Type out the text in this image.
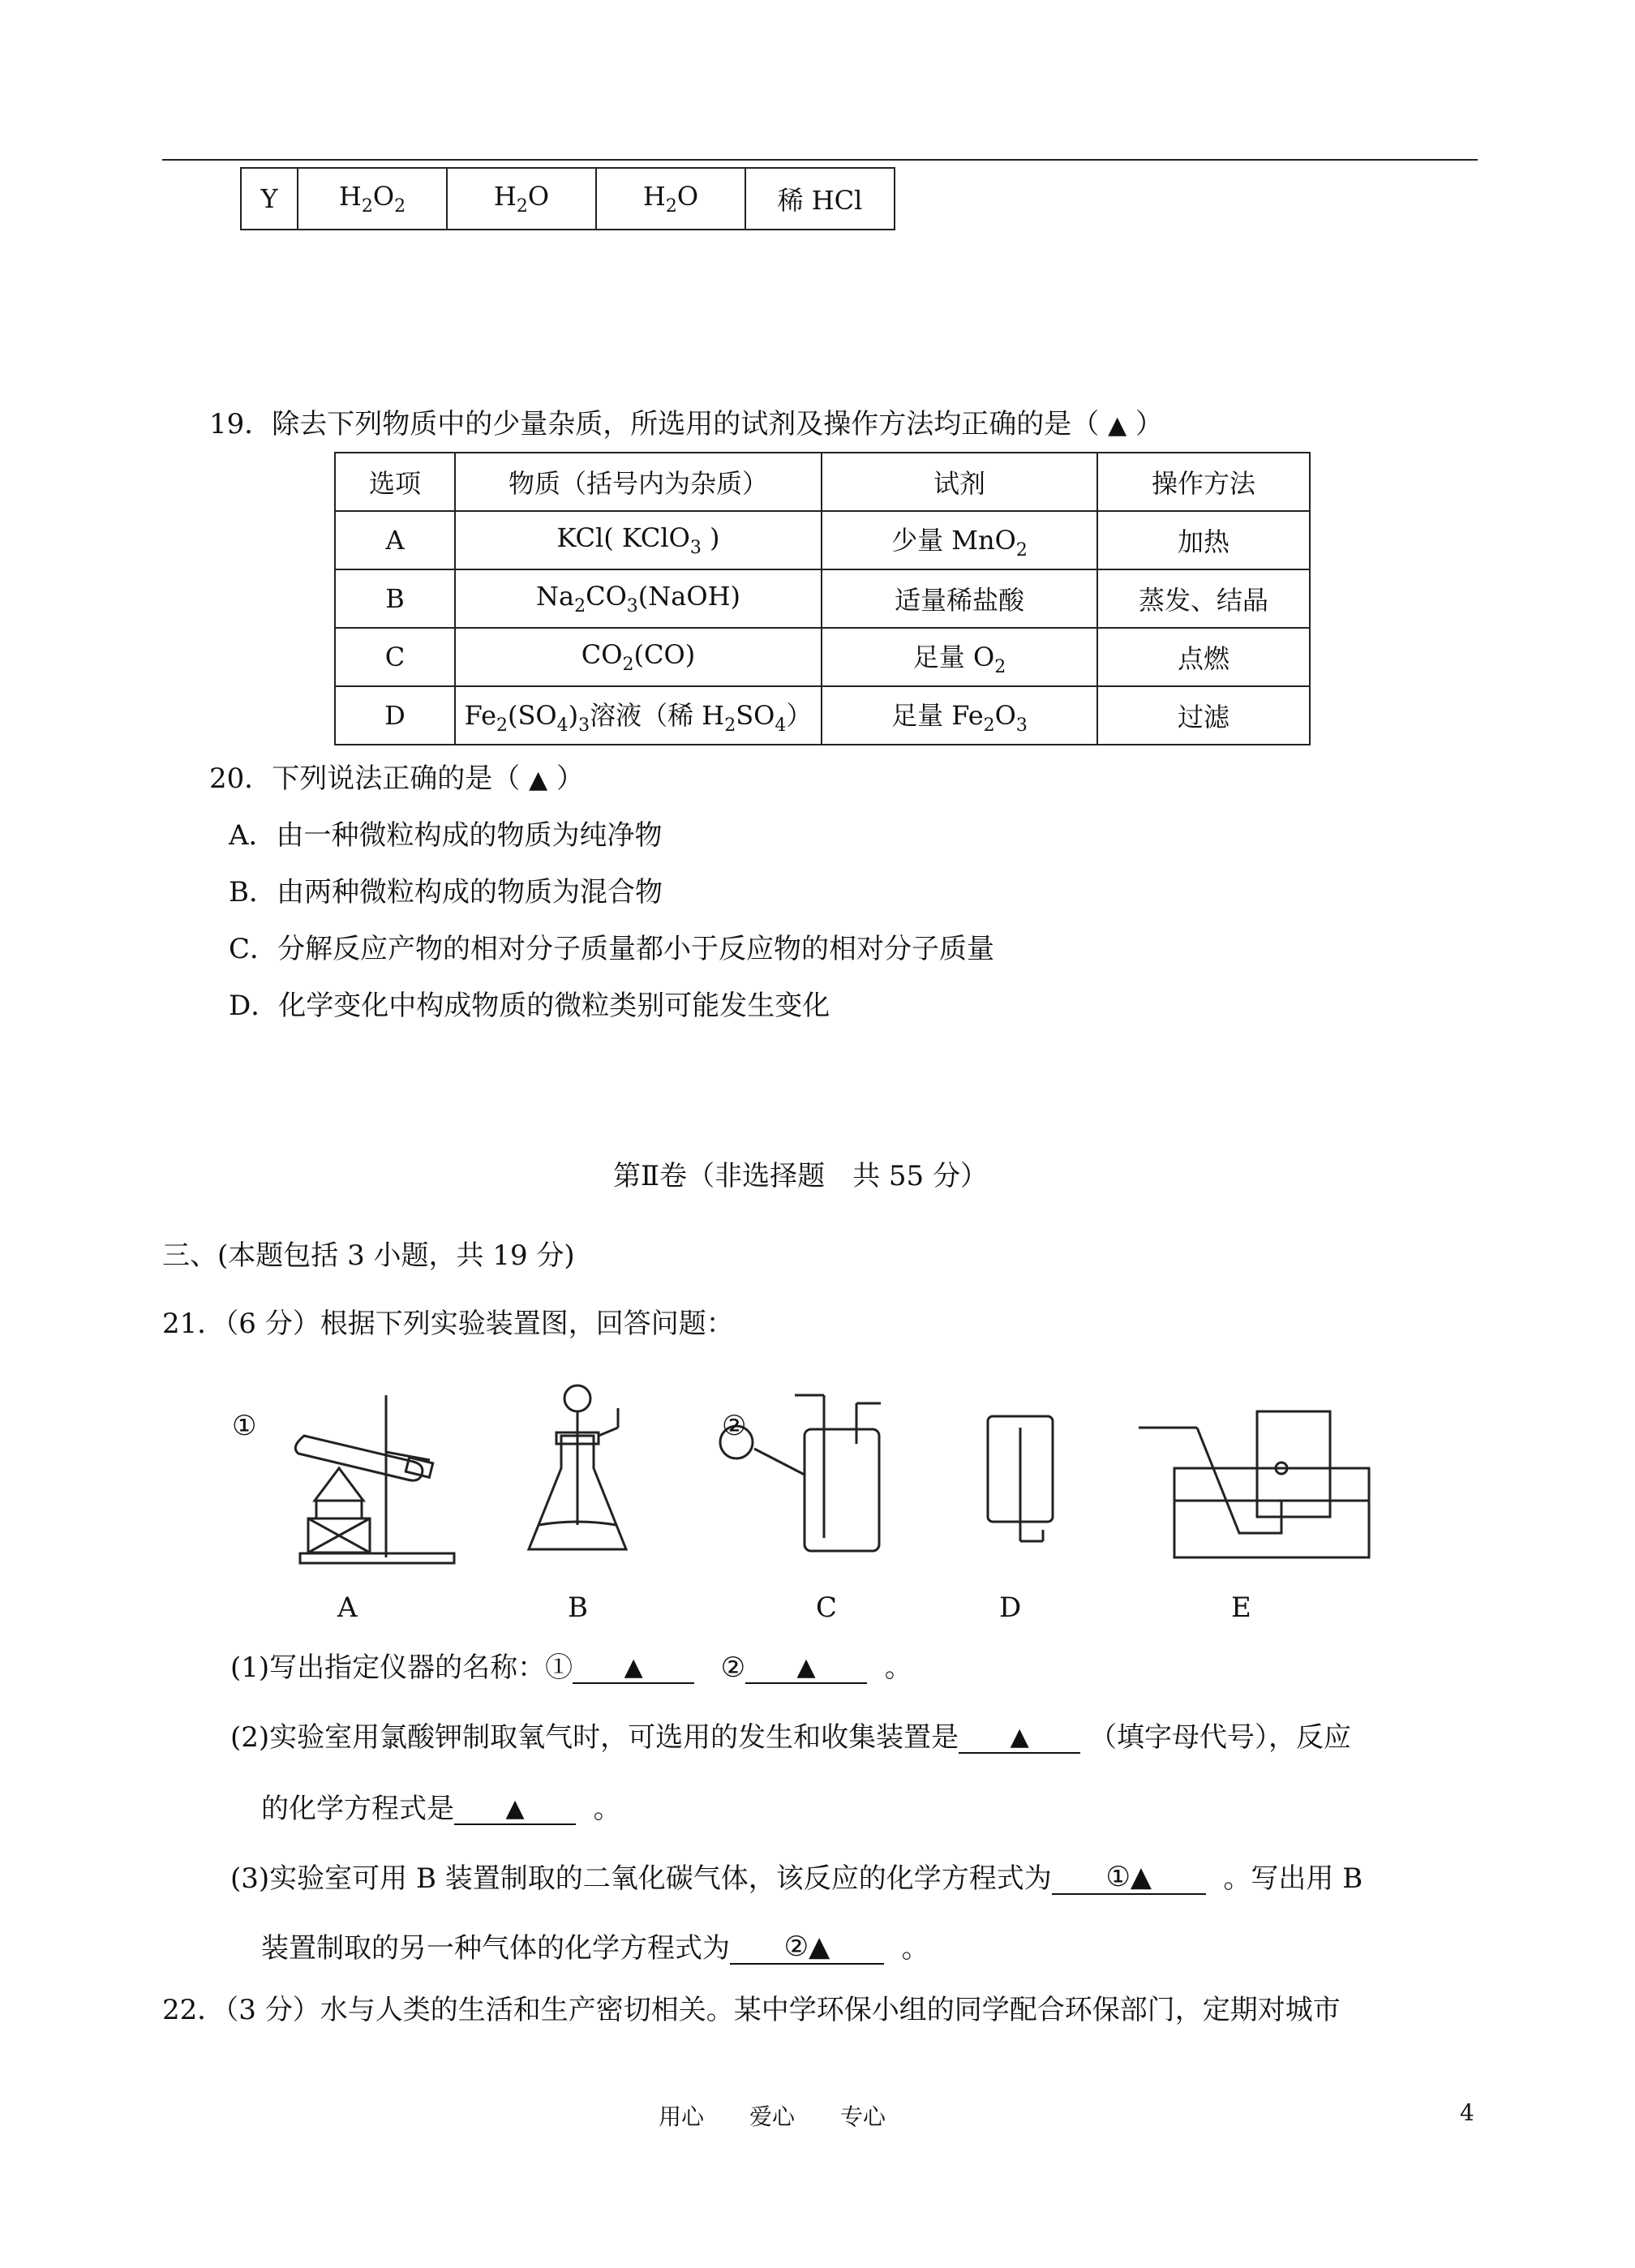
Y	$H_2O_2$	$H_2O$	$H_2O$	稀 HCl
19．除去下列物质中的少量杂质，所选用的试剂及操作方法均正确的是（ ▲ ）
选项	物质（括号内为杂质）	试剂	操作方法
A	KCl( KClO$_3$ )	少量 MnO$_2$	加热
B	$Na_2CO_3(NaOH)$	适量稀盐酸	蒸发、结晶
C	$CO_2(CO)$	足量 $O_2$	点燃
D	$Fe_2(SO_4)_3$溶液（稀 $H_2SO_4$）	足量 $Fe_2O_3$	过滤
20．下列说法正确的是（ ▲ ）
A．由一种微粒构成的物质为纯净物
B．由两种微粒构成的物质为混合物
C．分解反应产物的相对分子质量都小于反应物的相对分子质量
D．化学变化中构成物质的微粒类别可能发生变化
第Ⅱ卷（非选择题　共 55 分）
三、(本题包括 3 小题，共 19 分)
21．（6 分）根据下列实验装置图，回答问题：
①	②
A	B	C	D	E
(1)写出指定仪器的名称：① ▲	② ▲	。
(2)实验室用氯酸钾制取氧气时，可选用的发生和收集装置是 ▲ （填字母代号），反应
的化学方程式是 ▲	。
(3)实验室可用 B 装置制取的二氧化碳气体，该反应的化学方程式为 ①▲	。写出用 B
装置制取的另一种气体的化学方程式为 ②▲	。
22．（3 分）水与人类的生活和生产密切相关。某中学环保小组的同学配合环保部门，定期对城市
用心　　爱心　　专心	4
